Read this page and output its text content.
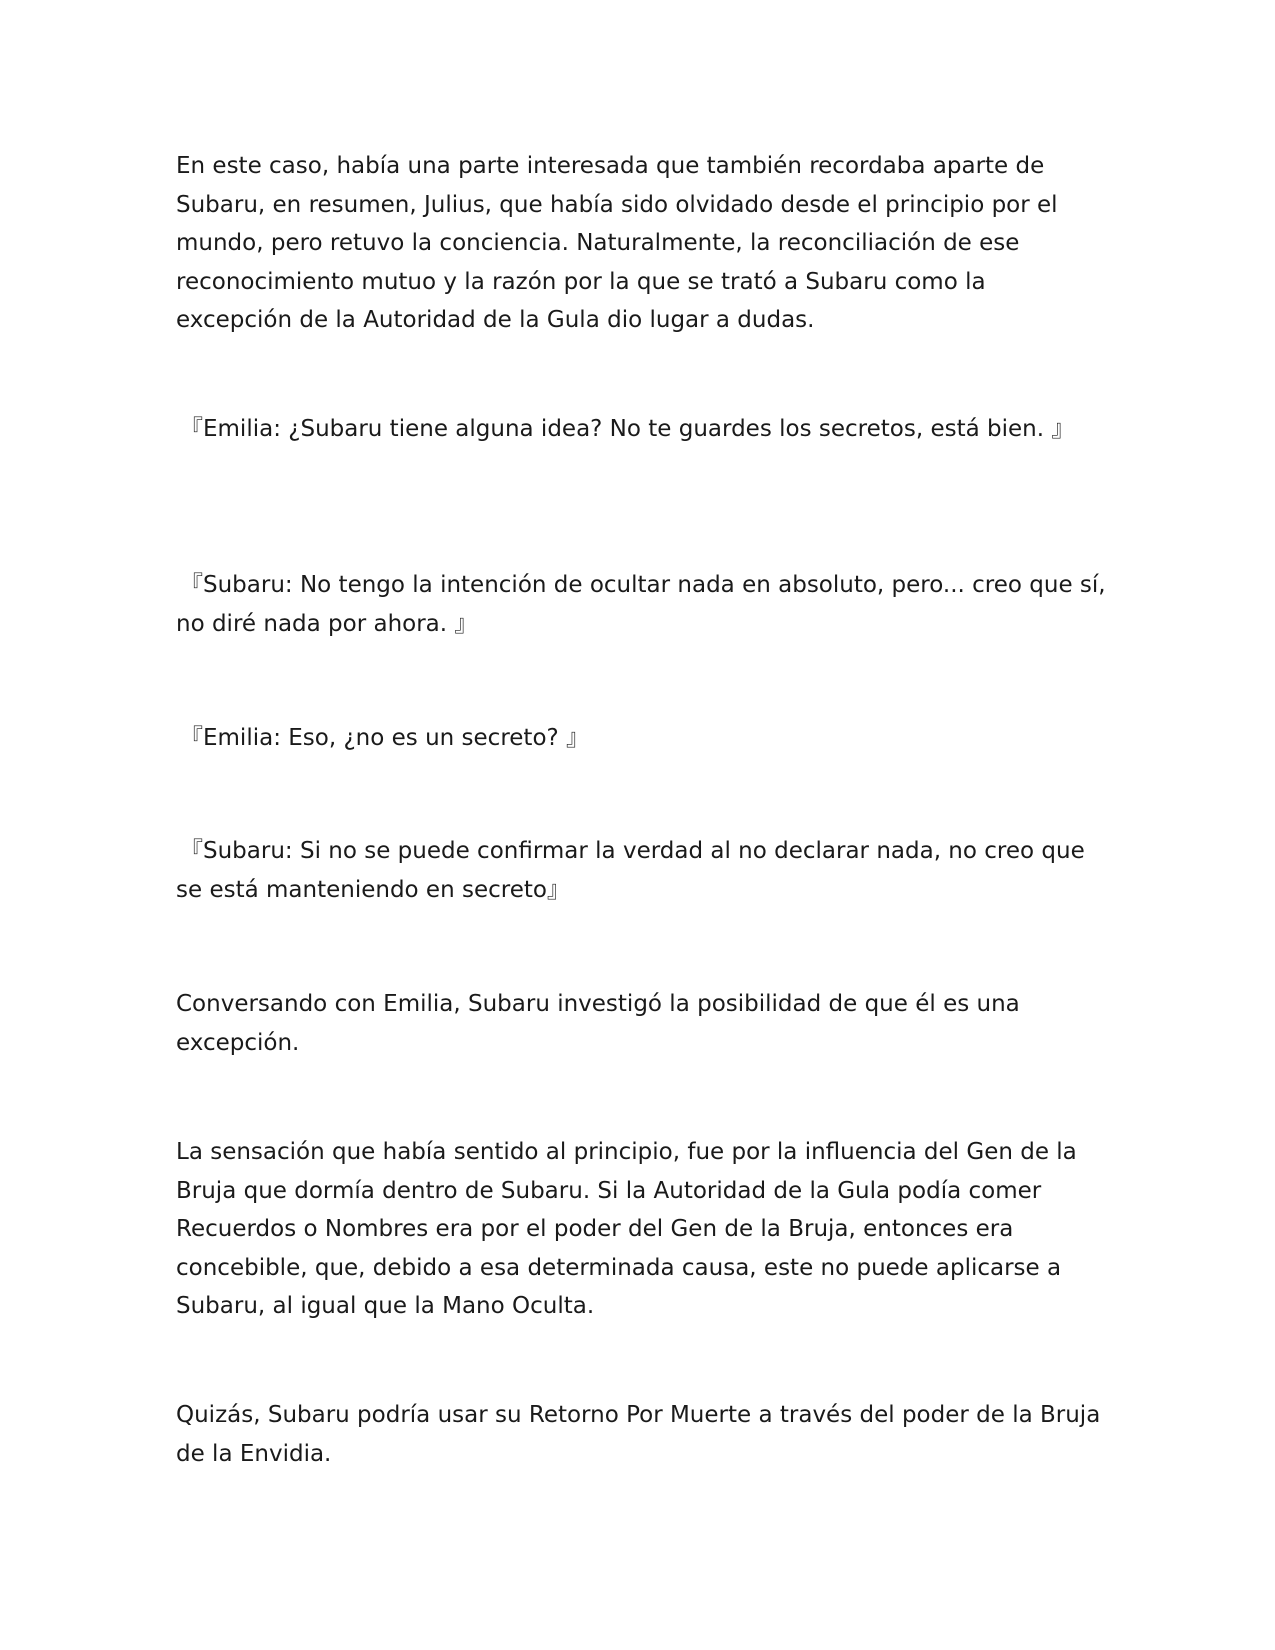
En este caso, había una parte interesada que también recordaba aparte de Subaru, en resumen, Julius, que había sido olvidado desde el principio por el mundo, pero retuvo la conciencia. Naturalmente, la reconciliación de ese reconocimiento mutuo y la razón por la que se trató a Subaru como la excepción de la Autoridad de la Gula dio lugar a dudas.

『Emilia: ¿Subaru tiene alguna idea? No te guardes los secretos, está bien. 』

『Subaru: No tengo la intención de ocultar nada en absoluto, pero... creo que sí, no diré nada por ahora. 』

『Emilia: Eso, ¿no es un secreto? 』

『Subaru: Si no se puede confirmar la verdad al no declarar nada, no creo que se está manteniendo en secreto』

Conversando con Emilia, Subaru investigó la posibilidad de que él es una excepción.

La sensación que había sentido al principio, fue por la influencia del Gen de la Bruja que dormía dentro de Subaru. Si la Autoridad de la Gula podía comer Recuerdos o Nombres era por el poder del Gen de la Bruja, entonces era concebible, que, debido a esa determinada causa, este no puede aplicarse a Subaru, al igual que la Mano Oculta.

Quizás, Subaru podría usar su Retorno Por Muerte a través del poder de la Bruja de la Envidia.
